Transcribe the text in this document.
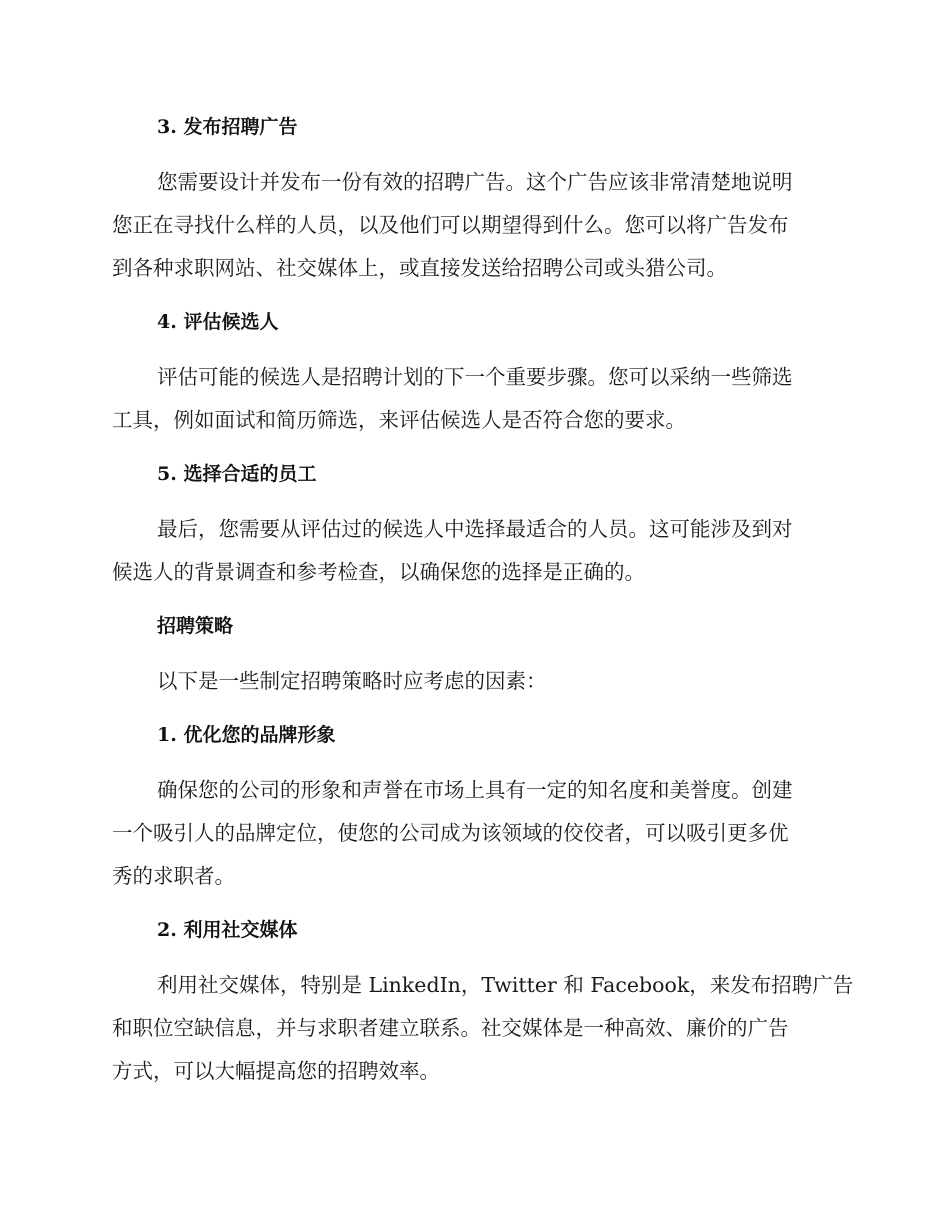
3. 发布招聘广告
您需要设计并发布一份有效的招聘广告。这个广告应该非常清楚地说明
您正在寻找什么样的人员，以及他们可以期望得到什么。您可以将广告发布
到各种求职网站、社交媒体上，或直接发送给招聘公司或头猎公司。
4. 评估候选人
评估可能的候选人是招聘计划的下一个重要步骤。您可以采纳一些筛选
工具，例如面试和简历筛选，来评估候选人是否符合您的要求。
5. 选择合适的员工
最后，您需要从评估过的候选人中选择最适合的人员。这可能涉及到对
候选人的背景调查和参考检查，以确保您的选择是正确的。
招聘策略
以下是一些制定招聘策略时应考虑的因素：
1. 优化您的品牌形象
确保您的公司的形象和声誉在市场上具有一定的知名度和美誉度。创建
一个吸引人的品牌定位，使您的公司成为该领域的佼佼者，可以吸引更多优
秀的求职者。
2. 利用社交媒体
利用社交媒体，特别是 LinkedIn，Twitter 和 Facebook，来发布招聘广告
和职位空缺信息，并与求职者建立联系。社交媒体是一种高效、廉价的广告
方式，可以大幅提高您的招聘效率。
